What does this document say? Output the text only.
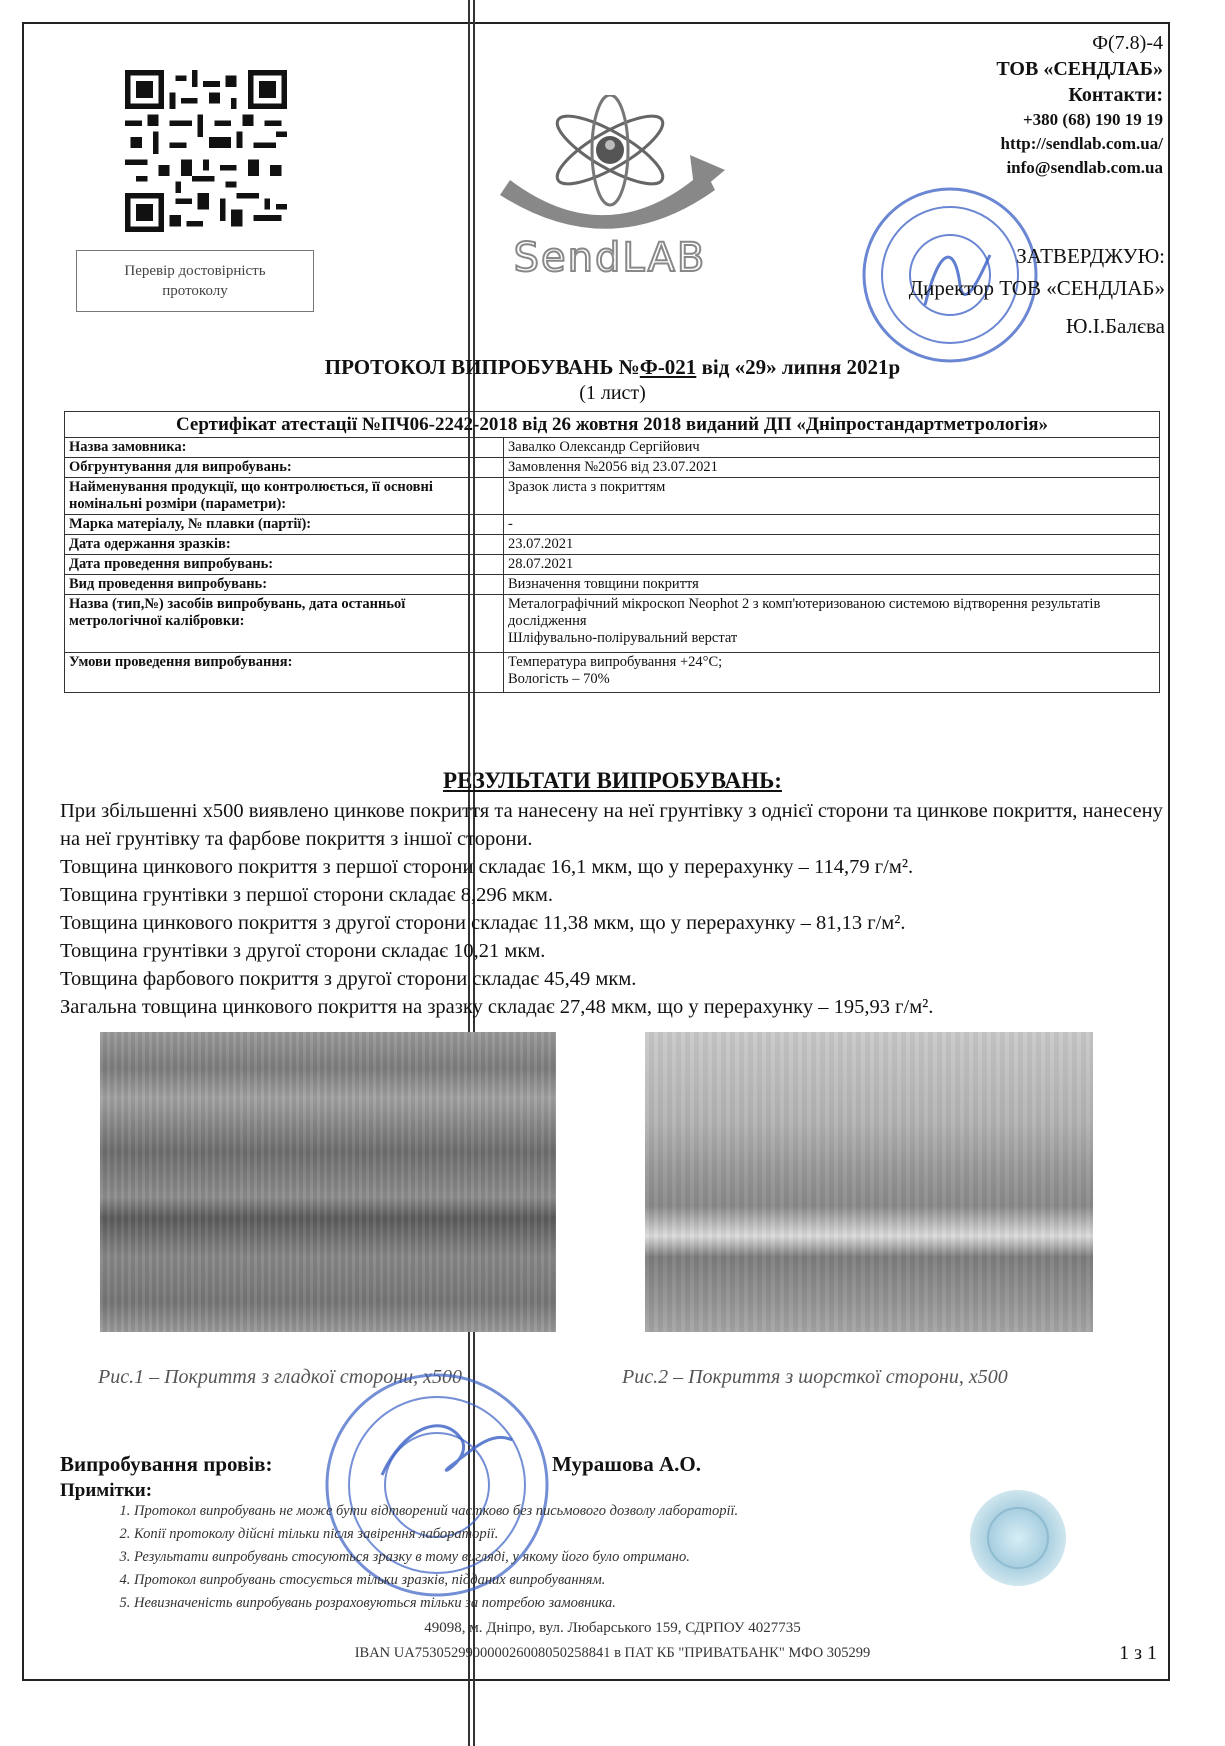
Перевір достовірність
протоколу
SendLAB
Ф(7.8)-4
ТОВ «СЕНДЛАБ»
Контакти:
+380 (68) 190 19 19
http://sendlab.com.ua/
info@sendlab.com.ua
ЗАТВЕРДЖУЮ:
Директор ТОВ «СЕНДЛАБ»
Ю.І.Балєва
ПРОТОКОЛ ВИПРОБУВАНЬ №Ф-021 від «29» липня 2021р
(1 лист)
Сертифікат атестації №ПЧ06-2242-2018 від 26 жовтня 2018 виданий ДП «Дніпростандартметрологія»	
Назва замовника:	Завалко Олександр Сергійович
Обгрунтування для випробувань:	Замовлення №2056 від 23.07.2021
Найменування продукції, що контролюється, її основні номінальні розміри (параметри):	Зразок листа з покриттям
Марка матеріалу, № плавки (партії):	-
Дата одержання зразків:	23.07.2021
Дата проведення випробувань:	28.07.2021
Вид проведення випробувань:	Визначення товщини покриття
Назва (тип,№) засобів випробувань, дата останньої метрологічної калібровки:	Металографічний мікроскоп Neophot 2 з комп'ютеризованою системою відтворення результатів дослідження
Шліфувально-полірувальний верстат

Умови проведення випробування:	Температура випробування +24°С;
Вологість – 70%
РЕЗУЛЬТАТИ ВИПРОБУВАНЬ:

При збільшенні х500 виявлено цинкове покриття та нанесену на неї грунтівку з однієї сторони та цинкове покриття, нанесену на неї грунтівку та фарбове покриття з іншої сторони.

Товщина цинкового покриття з першої сторони складає 16,1 мкм, що у перерахунку – 114,79 г/м².

Товщина грунтівки з першої сторони складає 8,296 мкм.

Товщина цинкового покриття з другої сторони складає 11,38 мкм, що у перерахунку – 81,13 г/м².

Товщина грунтівки з другої сторони складає 10,21 мкм.

Товщина фарбового покриття з другої сторони складає 45,49 мкм.

Загальна товщина цинкового покриття на зразку складає 27,48 мкм, що у перерахунку – 195,93 г/м².

Рис.1 – Покриття з гладкої сторони, х500	Рис.2 – Покриття з шорсткої сторони, х500
Випробування провів:	Мурашова А.О.
Примітки:
1. Протокол випробувань не може бути відтворений частково без письмового дозволу лабораторії.
2. Копії протоколу дійсні тільки після завірення лабораторії.
3. Результати випробувань стосуються зразку в тому вигляді, у якому його було отримано.
4. Протокол випробувань стосується тільки зразків, підданих випробуванням.
5. Невизначеність випробувань розраховуються тільки за потребою замовника.
49098, м. Дніпро, вул. Любарського 159, СДРПОУ 4027735
IBAN UA753052990000026008050258841 в ПАТ КБ "ПРИВАТБАНК" МФО 305299	1 з 1
